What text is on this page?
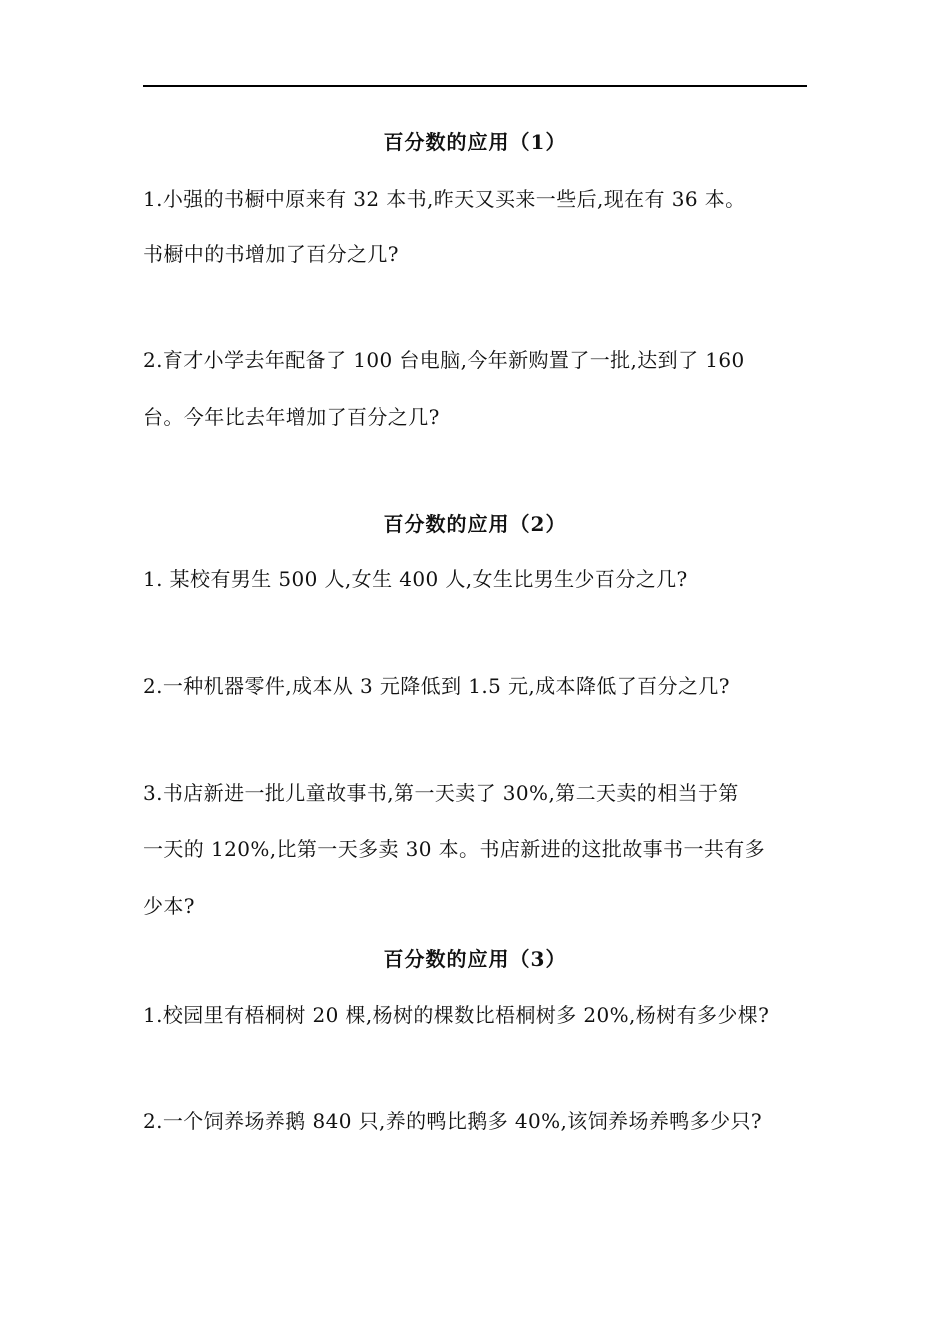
百分数的应用（1）
1.小强的书橱中原来有 32 本书,昨天又买来一些后,现在有 36 本。
书橱中的书增加了百分之几?
2.育才小学去年配备了 100 台电脑,今年新购置了一批,达到了 160
台。今年比去年增加了百分之几?
百分数的应用（2）
1. 某校有男生 500 人,女生 400 人,女生比男生少百分之几?
2.一种机器零件,成本从 3 元降低到 1.5 元,成本降低了百分之几?
3.书店新进一批儿童故事书,第一天卖了 30%,第二天卖的相当于第
一天的 120%,比第一天多卖 30 本。书店新进的这批故事书一共有多
少本?
百分数的应用（3）
1.校园里有梧桐树 20 棵,杨树的棵数比梧桐树多 20%,杨树有多少棵?
2.一个饲养场养鹅 840 只,养的鸭比鹅多 40%,该饲养场养鸭多少只?
